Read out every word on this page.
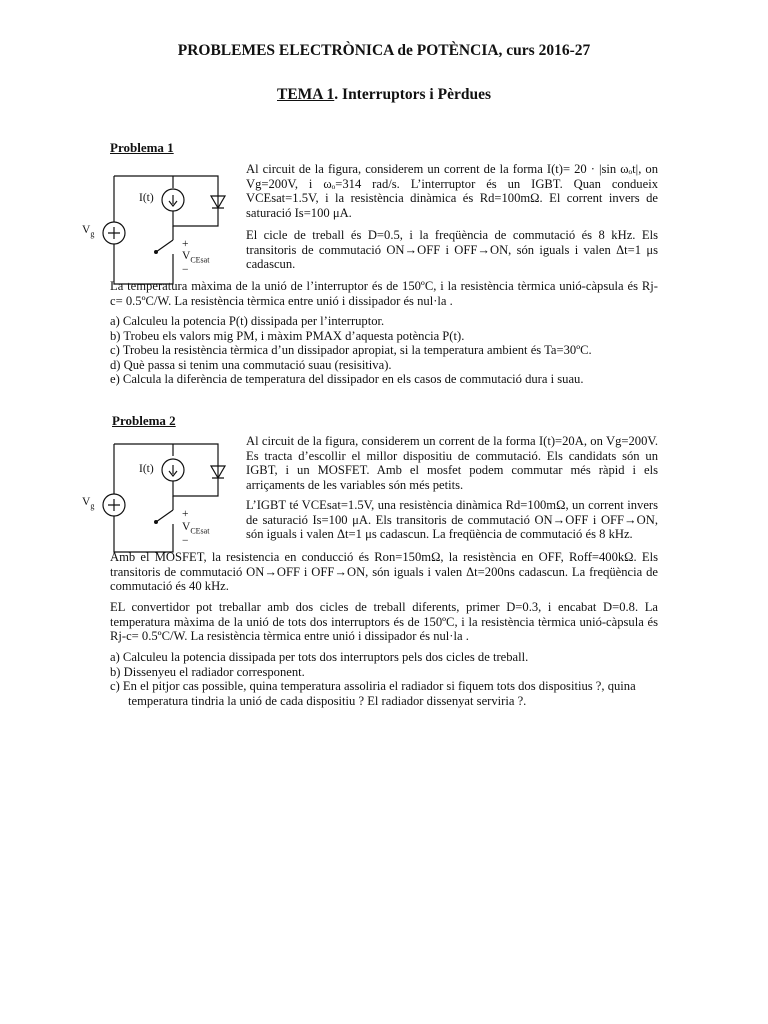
PROBLEMES ELECTRÒNICA de POTÈNCIA, curs 2016-27
TEMA 1. Interruptors i Pèrdues
Problema 1
I(t)
$V_g$
+
$V_{CEsat}$
−
Al circuit de la figura, considerem un corrent de la forma I(t)= 20 · |sin ωₒt|, on Vg=200V, i ωₒ=314 rad/s. L’interruptor és un IGBT. Quan condueix VCEsat=1.5V, i la resistència dinàmica és Rd=100mΩ. El corrent invers de saturació Is=100 μA.
El cicle de treball és D=0.5, i la freqüència de commutació és 8 kHz. Els transitoris de commutació ON→OFF i OFF→ON, són iguals i valen Δt=1 μs cadascun.
La temperatura màxima de la unió de l’interruptor és de 150ºC, i la resistència tèrmica unió-càpsula és Rj-c= 0.5ºC/W. La resistència tèrmica entre unió i dissipador és nul·la .
a) Calculeu la potencia P(t) dissipada per l’interruptor.
b) Trobeu els valors mig PM, i màxim PMAX d’aquesta potència P(t).
c) Trobeu la resistència tèrmica d’un dissipador apropiat, si la temperatura ambient és Ta=30ºC.
d) Què passa si tenim una commutació suau (resisitiva).
e) Calcula la diferència de temperatura del dissipador en els casos de commutació dura i suau.
Problema 2
I(t)
$V_g$
+
$V_{CEsat}$
−
Al circuit de la figura, considerem un corrent de la forma I(t)=20A, on Vg=200V. Es tracta d’escollir el millor dispositiu de commutació. Els candidats són un IGBT, i un MOSFET. Amb el mosfet podem commutar més ràpid i els arriçaments de les variables són més petits.
L’IGBT té VCEsat=1.5V, una resistència dinàmica Rd=100mΩ, un corrent invers de saturació Is=100 μA. Els transitoris de commutació ON→OFF i OFF→ON, són iguals i valen Δt=1 μs cadascun. La freqüència de commutació és 8 kHz.
Amb el MOSFET, la resistencia en conducció és Ron=150mΩ, la resistència en OFF, Roff=400kΩ. Els transitoris de commutació ON→OFF i OFF→ON, són iguals i valen Δt=200ns cadascun. La freqüència de commutació és 40 kHz.
EL convertidor pot treballar amb dos cicles de treball diferents, primer D=0.3, i encabat D=0.8. La temperatura màxima de la unió de tots dos interruptors és de 150ºC, i la resistència tèrmica unió-càpsula és Rj-c= 0.5ºC/W. La resistència tèrmica entre unió i dissipador és nul·la .
a) Calculeu la potencia dissipada per tots dos interruptors pels dos cicles de treball.
b) Dissenyeu el radiador corresponent.
c) En el pitjor cas possible, quina temperatura assoliria el radiador si fiquem tots dos dispositius ?, quina temperatura tindria la unió de cada dispositiu ? El radiador dissenyat serviria ?.
